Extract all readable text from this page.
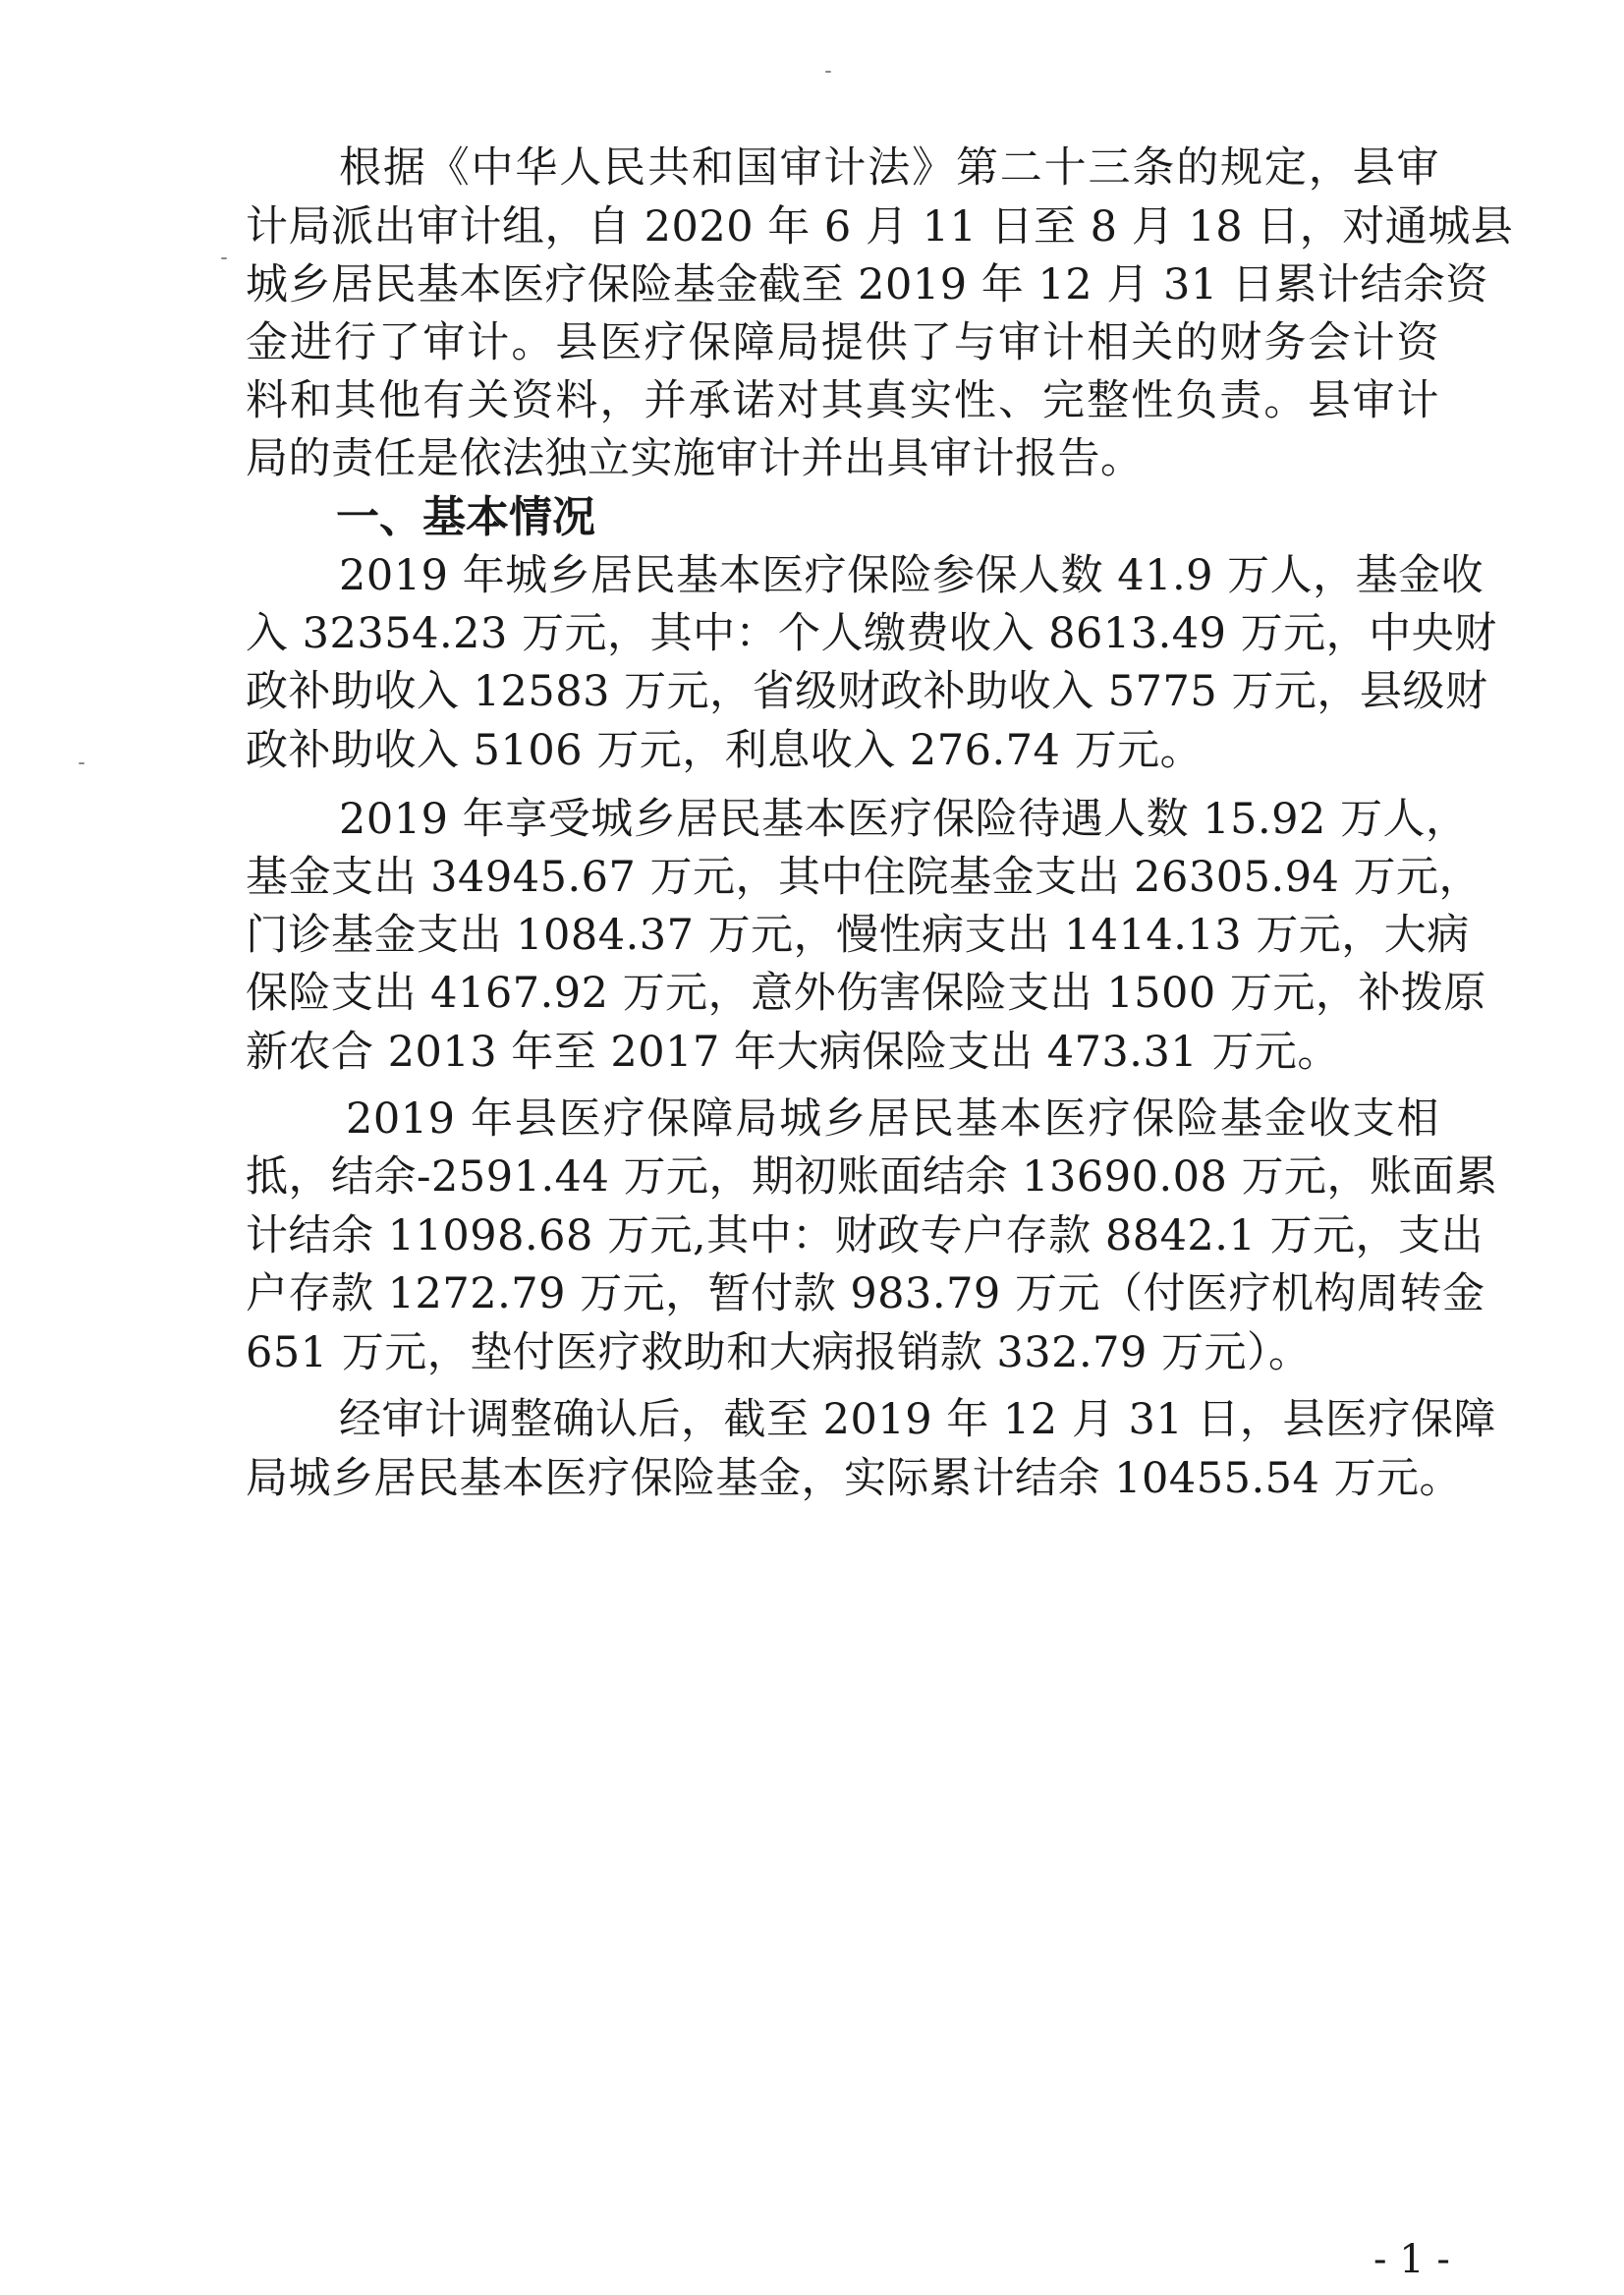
根据《中华人民共和国审计法》第二十三条的规定，县审
计局派出审计组，自 2020 年 6 月 11 日至 8 月 18 日，对通城县
城乡居民基本医疗保险基金截至 2019 年 12 月 31 日累计结余资
金进行了审计。县医疗保障局提供了与审计相关的财务会计资
料和其他有关资料，并承诺对其真实性、完整性负责。县审计
局的责任是依法独立实施审计并出具审计报告。
一、基本情况
2019 年城乡居民基本医疗保险参保人数 41.9 万人，基金收
入 32354.23 万元，其中：个人缴费收入 8613.49 万元，中央财
政补助收入 12583 万元，省级财政补助收入 5775 万元，县级财
政补助收入 5106 万元，利息收入 276.74 万元。
2019 年享受城乡居民基本医疗保险待遇人数 15.92 万人，
基金支出 34945.67 万元，其中住院基金支出 26305.94 万元，
门诊基金支出 1084.37 万元，慢性病支出 1414.13 万元，大病
保险支出 4167.92 万元，意外伤害保险支出 1500 万元，补拨原
新农合 2013 年至 2017 年大病保险支出 473.31 万元。
2019 年县医疗保障局城乡居民基本医疗保险基金收支相
抵，结余-2591.44 万元，期初账面结余 13690.08 万元，账面累
计结余 11098.68 万元,其中：财政专户存款 8842.1 万元，支出
户存款 1272.79 万元，暂付款 983.79 万元（付医疗机构周转金
651 万元，垫付医疗救助和大病报销款 332.79 万元）。
经审计调整确认后，截至 2019 年 12 月 31 日，县医疗保障
局城乡居民基本医疗保险基金，实际累计结余 10455.54 万元。
- 1 -
